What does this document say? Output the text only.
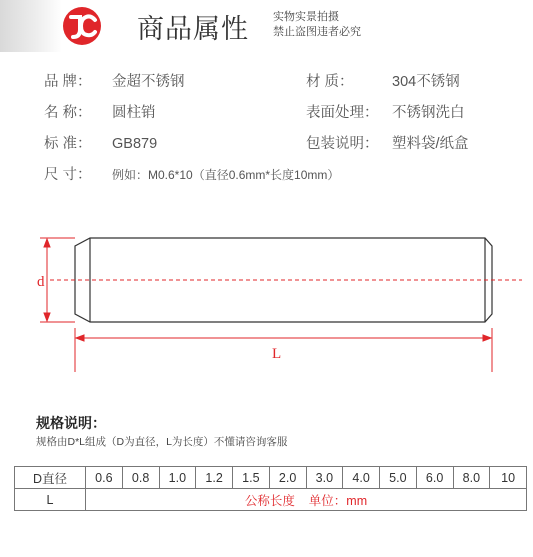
商品属性 实物实景拍摄
禁止盗图违者必究
品 牌： 金超不锈钢
名 称： 圆柱销
标 准： GB879
尺 寸： 例如：M0.6*10（直径0.6mm*长度10mm）
材 质：	304不锈钢
表面处理： 不锈钢洗白
包装说明： 塑料袋/纸盒
d
L
规格说明：
规格由D*L组成（D为直径，L为长度）不懂请咨询客服
D直径	0.6	0.8	1.0	1.2	1.5	2.0	3.0	4.0	5.0	6.0	8.0	10
L	公称长度    单位：mm											
